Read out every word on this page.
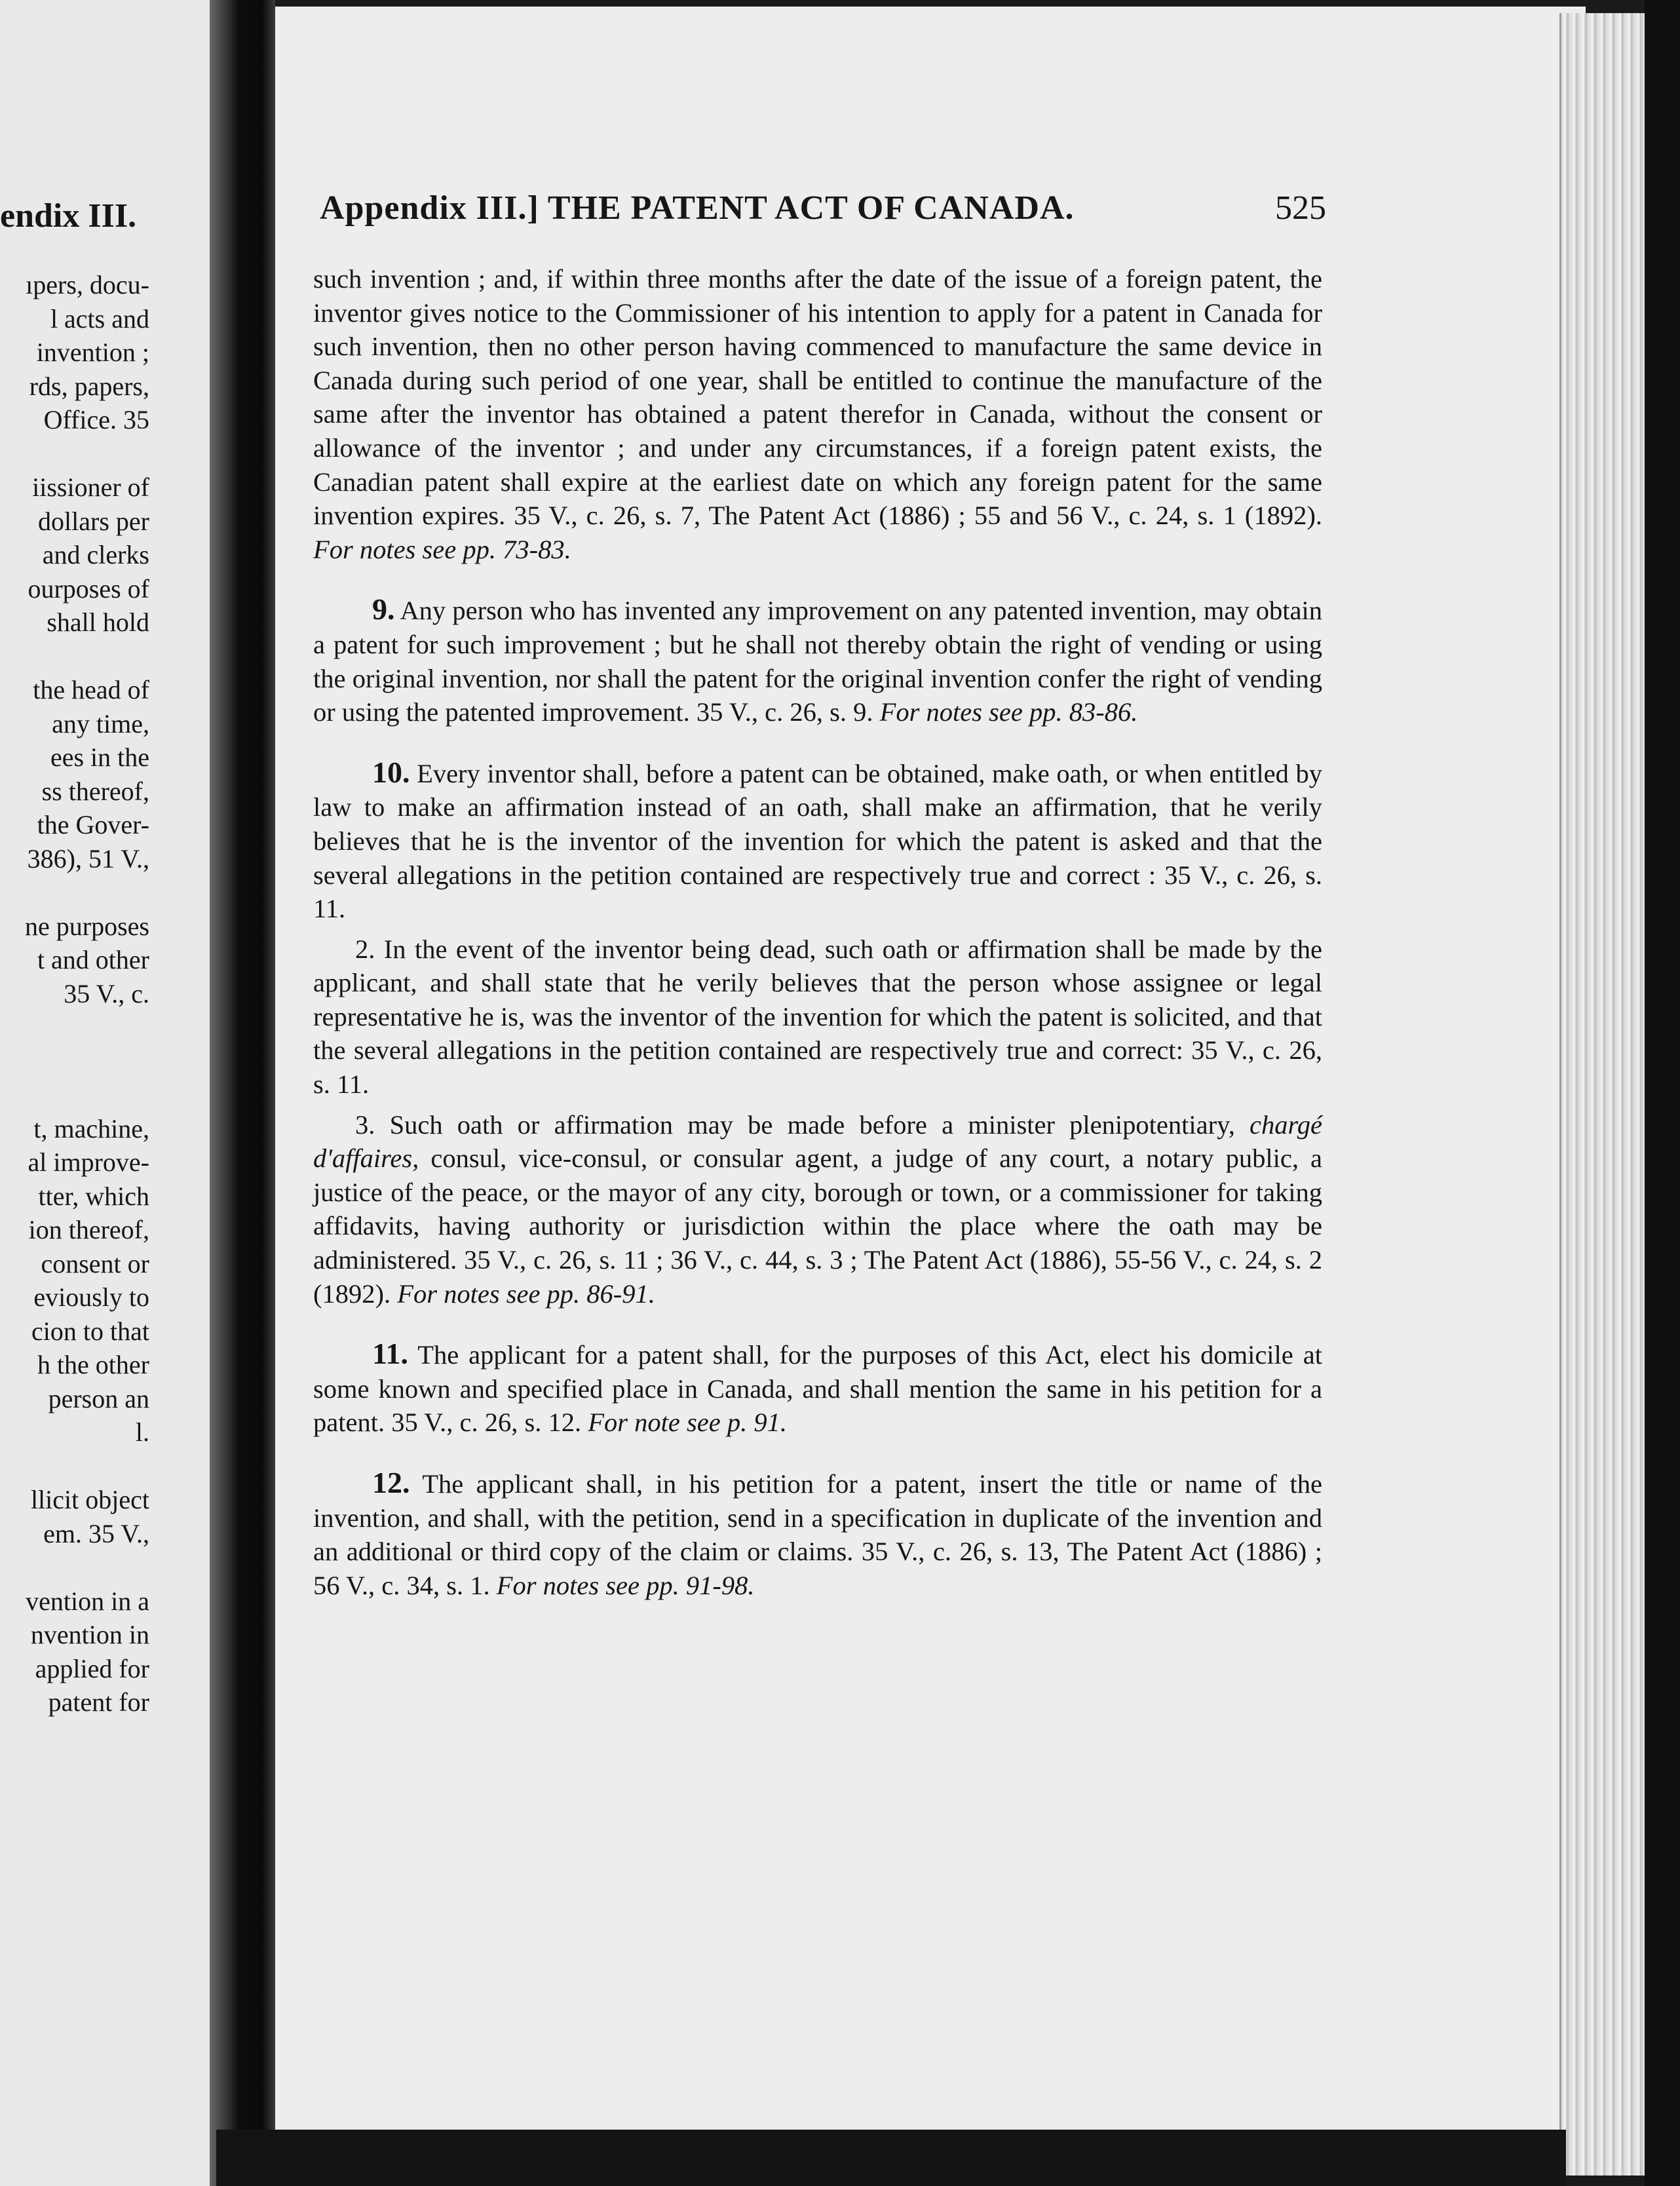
endix III.
ıpers, docu-
l acts and
invention ;
rds, papers,
Office. 35
iissioner of
dollars per
and clerks
ourposes of
shall hold
the head of
any time,
ees in the
ss thereof,
the Gover-
386), 51 V.,
ne purposes
t and other
35 V., c.
t, machine,
al improve-
tter, which
ion thereof,
consent or
eviously to
cion to that
h the other
person an
l.
llicit object
em. 35 V.,
vention in a
nvention in
applied for
patent for
Appendix III.] THE PATENT ACT OF CANADA.	525

such invention ; and, if within three months after the date of the issue of a foreign patent, the inventor gives notice to the Commissioner of his intention to apply for a patent in Canada for such invention, then no other person having commenced to manufacture the same device in Canada during such period of one year, shall be entitled to continue the manufacture of the same after the inventor has obtained a patent therefor in Canada, without the consent or allowance of the inventor ; and under any circumstances, if a foreign patent exists, the Canadian patent shall expire at the earliest date on which any foreign patent for the same invention expires. 35 V., c. 26, s. 7, The Patent Act (1886) ; 55 and 56 V., c. 24, s. 1 (1892). For notes see pp. 73-83.

9. Any person who has invented any improvement on any patented invention, may obtain a patent for such improvement ; but he shall not thereby obtain the right of vending or using the original invention, nor shall the patent for the original invention confer the right of vending or using the patented improvement. 35 V., c. 26, s. 9. For notes see pp. 83-86.

10. Every inventor shall, before a patent can be obtained, make oath, or when entitled by law to make an affirmation instead of an oath, shall make an affirmation, that he verily believes that he is the inventor of the invention for which the patent is asked and that the several allegations in the petition contained are respectively true and correct : 35 V., c. 26, s. 11.

2. In the event of the inventor being dead, such oath or affirmation shall be made by the applicant, and shall state that he verily believes that the person whose assignee or legal representative he is, was the inventor of the invention for which the patent is solicited, and that the several allegations in the petition contained are respectively true and correct: 35 V., c. 26, s. 11.

3. Such oath or affirmation may be made before a minister plenipotentiary, chargé d'affaires, consul, vice-consul, or consular agent, a judge of any court, a notary public, a justice of the peace, or the mayor of any city, borough or town, or a commissioner for taking affidavits, having authority or jurisdiction within the place where the oath may be administered. 35 V., c. 26, s. 11 ; 36 V., c. 44, s. 3 ; The Patent Act (1886), 55-56 V., c. 24, s. 2 (1892). For notes see pp. 86-91.

11. The applicant for a patent shall, for the purposes of this Act, elect his domicile at some known and specified place in Canada, and shall mention the same in his petition for a patent. 35 V., c. 26, s. 12. For note see p. 91.

12. The applicant shall, in his petition for a patent, insert the title or name of the invention, and shall, with the petition, send in a specification in duplicate of the invention and an additional or third copy of the claim or claims. 35 V., c. 26, s. 13, The Patent Act (1886) ; 56 V., c. 34, s. 1. For notes see pp. 91-98.
